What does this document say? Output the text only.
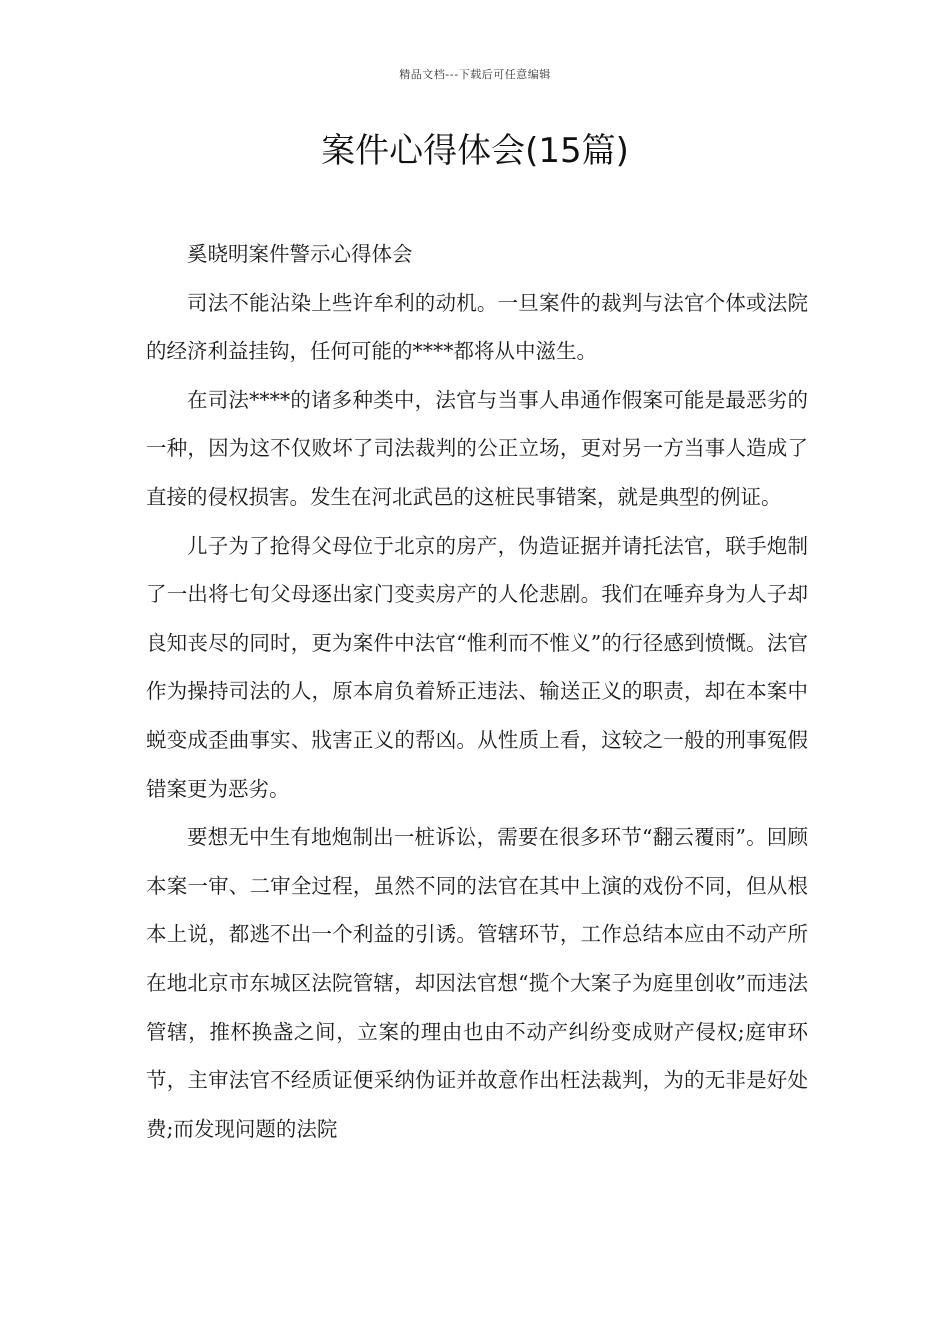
精品文档---下载后可任意编辑
案件心得体会(15篇)

奚晓明案件警示心得体会

司法不能沾染上些许牟利的动机。一旦案件的裁判与法官个体或法院的经济利益挂钩，任何可能的****都将从中滋生。

在司法****的诸多种类中，法官与当事人串通作假案可能是最恶劣的一种，因为这不仅败坏了司法裁判的公正立场，更对另一方当事人造成了直接的侵权损害。发生在河北武邑的这桩民事错案，就是典型的例证。

儿子为了抢得父母位于北京的房产，伪造证据并请托法官，联手炮制了一出将七旬父母逐出家门变卖房产的人伦悲剧。我们在唾弃身为人子却良知丧尽的同时，更为案件中法官“惟利而不惟义”的行径感到愤慨。法官作为操持司法的人，原本肩负着矫正违法、输送正义的职责，却在本案中蜕变成歪曲事实、戕害正义的帮凶。从性质上看，这较之一般的刑事冤假错案更为恶劣。

要想无中生有地炮制出一桩诉讼，需要在很多环节“翻云覆雨”。回顾本案一审、二审全过程，虽然不同的法官在其中上演的戏份不同，但从根本上说，都逃不出一个利益的引诱。管辖环节，工作总结本应由不动产所在地北京市东城区法院管辖，却因法官想“揽个大案子为庭里创收”而违法管辖，推杯换盏之间，立案的理由也由不动产纠纷变成财产侵权;庭审环节，主审法官不经质证便采纳伪证并故意作出枉法裁判，为的无非是好处费;而发现问题的法院
